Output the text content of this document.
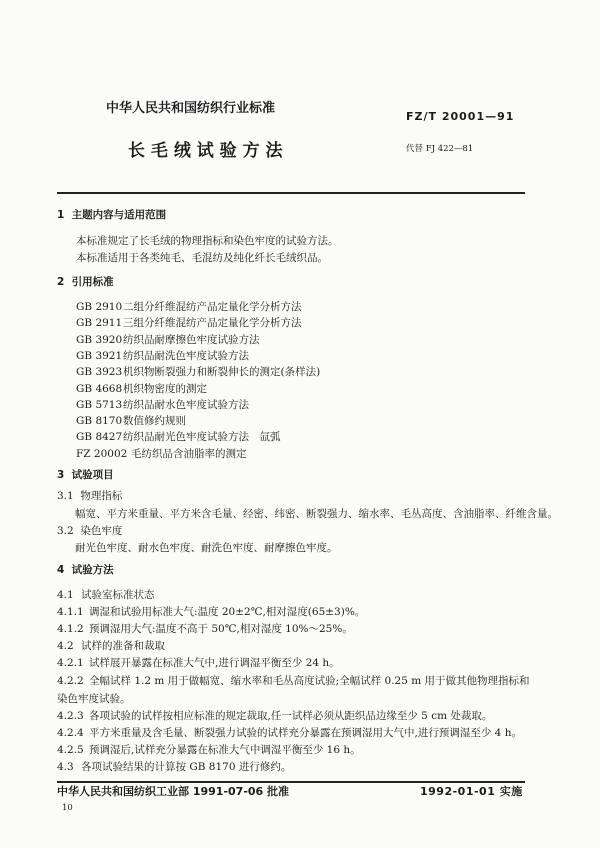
中华人民共和国纺织行业标准
FZ/T 20001—91
长 毛 绒 试 验 方 法	代替 FJ 422—81
1 主题内容与适用范围
本标准规定了长毛绒的物理指标和染色牢度的试验方法。
本标准适用于各类纯毛、毛混纺及纯化纤长毛绒织品。
2 引用标准
GB 2910二组分纤维混纺产品定量化学分析方法
GB 2911三组分纤维混纺产品定量化学分析方法
GB 3920纺织品耐摩擦色牢度试验方法
GB 3921纺织品耐洗色牢度试验方法
GB 3923机织物断裂强力和断裂伸长的测定(条样法)
GB 4668机织物密度的测定
GB 5713纺织品耐水色牢度试验方法
GB 8170数值修约规则
GB 8427纺织品耐光色牢度试验方法　氙弧
FZ 20002 毛纺织品含油脂率的测定
3 试验项目
3.1 物理指标
幅宽、平方米重量、平方米含毛量、经密、纬密、断裂强力、缩水率、毛丛高度、含油脂率、纤维含量。
3.2 染色牢度
耐光色牢度、耐水色牢度、耐洗色牢度、耐摩擦色牢度。
4 试验方法
4.1 试验室标准状态
4.1.1 调湿和试验用标准大气:温度 20±2℃,相对湿度(65±3)%。
4.1.2 预调湿用大气:温度不高于 50℃,相对湿度 10%～25%。
4.2 试样的准备和裁取
4.2.1 试样展开暴露在标准大气中,进行调湿平衡至少 24 h。
4.2.2 全幅试样 1.2 m 用于做幅宽、缩水率和毛丛高度试验;全幅试样 0.25 m 用于做其他物理指标和
染色牢度试验。
4.2.3 各项试验的试样按相应标准的规定裁取,任一试样必须从距织品边缘至少 5 cm 处裁取。
4.2.4 平方米重量及含毛量、断裂强力试验的试样充分暴露在预调湿用大气中,进行预调湿至少 4 h。
4.2.5 预调湿后,试样充分暴露在标准大气中调湿平衡至少 16 h。
4.3 各项试验结果的计算按 GB 8170 进行修约。
中华人民共和国纺织工业部 1991-07-06 批准	1992-01-01 实施
10
